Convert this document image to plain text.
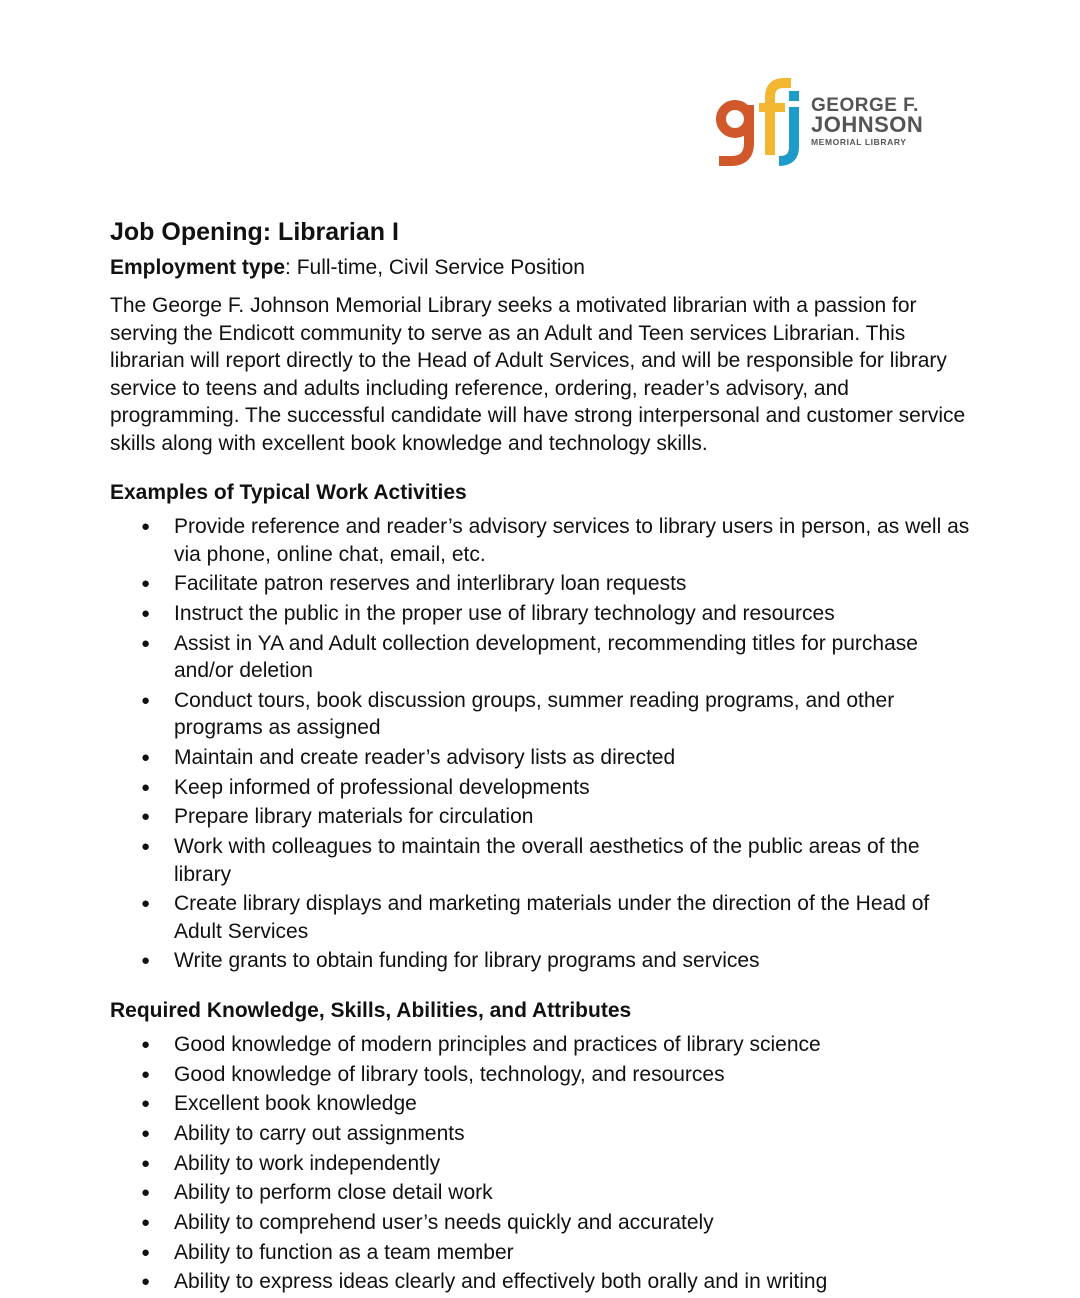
GEORGE F.
JOHNSON
MEMORIAL LIBRARY
Job Opening: Librarian I

Employment type: Full-time, Civil Service Position

The George F. Johnson Memorial Library seeks a motivated librarian with a passion for serving the Endicott community to serve as an Adult and Teen services Librarian. This librarian will report directly to the Head of Adult Services, and will be responsible for library service to teens and adults including reference, ordering, reader’s advisory, and programming. The successful candidate will have strong interpersonal and customer service skills along with excellent book knowledge and technology skills.

Examples of Typical Work Activities
● Provide reference and reader’s advisory services to library users in person, as well as via phone, online chat, email, etc.
● Facilitate patron reserves and interlibrary loan requests
● Instruct the public in the proper use of library technology and resources
● Assist in YA and Adult collection development, recommending titles for purchase and/or deletion
● Conduct tours, book discussion groups, summer reading programs, and other programs as assigned
● Maintain and create reader’s advisory lists as directed
● Keep informed of professional developments
● Prepare library materials for circulation
● Work with colleagues to maintain the overall aesthetics of the public areas of the library
● Create library displays and marketing materials under the direction of the Head of Adult Services
● Write grants to obtain funding for library programs and services
Required Knowledge, Skills, Abilities, and Attributes
● Good knowledge of modern principles and practices of library science
● Good knowledge of library tools, technology, and resources
● Excellent book knowledge
● Ability to carry out assignments
● Ability to work independently
● Ability to perform close detail work
● Ability to comprehend user’s needs quickly and accurately
● Ability to function as a team member
● Ability to express ideas clearly and effectively both orally and in writing
